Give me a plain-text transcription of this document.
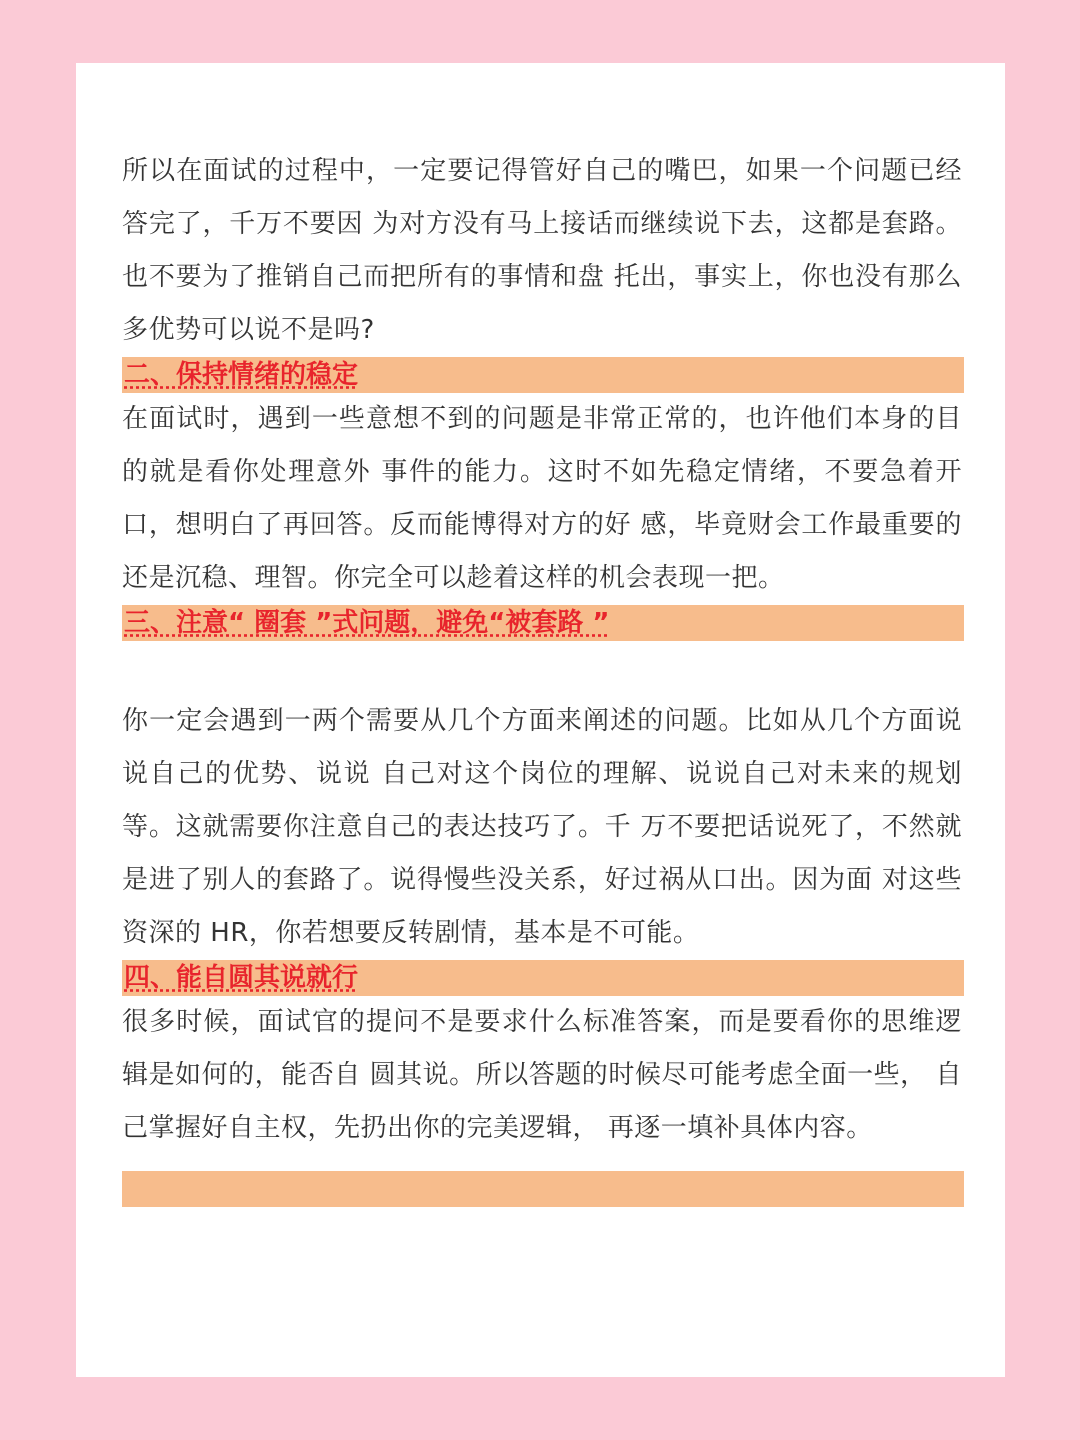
所以在面试的过程中，一定要记得管好自己的嘴巴，如果一个问题已经答完了，千万不要因 为对方没有马上接话而继续说下去，这都是套路。也不要为了推销自己而把所有的事情和盘 托出，事实上，你也没有那么多优势可以说不是吗?

二、保持情绪的稳定

在面试时，遇到一些意想不到的问题是非常正常的，也许他们本身的目的就是看你处理意外 事件的能力。这时不如先稳定情绪，不要急着开口，想明白了再回答。反而能博得对方的好 感，毕竟财会工作最重要的还是沉稳、理智。你完全可以趁着这样的机会表现一把。

三、注意“ 圈套 ”式问题，避免“被套路 ”

你一定会遇到一两个需要从几个方面来阐述的问题。比如从几个方面说说自己的优势、说说 自己对这个岗位的理解、说说自己对未来的规划等。这就需要你注意自己的表达技巧了。千 万不要把话说死了，不然就是进了别人的套路了。说得慢些没关系，好过祸从口出。因为面 对这些资深的 HR，你若想要反转剧情，基本是不可能。

四、能自圆其说就行

很多时候，面试官的提问不是要求什么标准答案，而是要看你的思维逻辑是如何的，能否自 圆其说。所以答题的时候尽可能考虑全面一些， 自己掌握好自主权，先扔出你的完美逻辑， 再逐一填补具体内容。
